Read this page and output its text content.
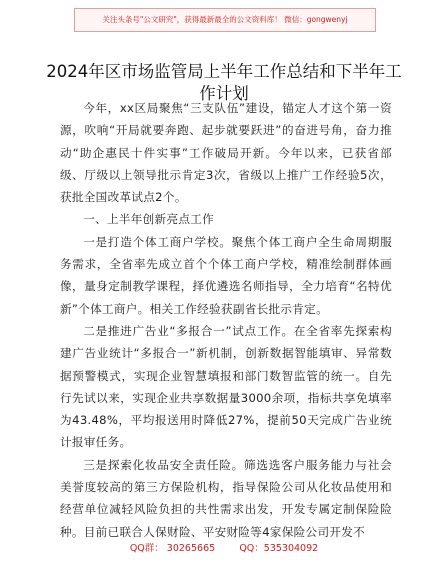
关注头条号"公文研究"，获得最新最全的公文资料库！ 微信：gongwenyj
2024年区市场监管局上半年工作总结和下半年工作计划

今年，xx区局聚焦“三支队伍”建设，锚定人才这个第一资源，吹响“开局就要奔跑、起步就要跃进”的奋进号角，奋力推动“助企惠民十件实事”工作破局开新。今年以来，已获省部级、厅级以上领导批示肯定3次，省级以上推广工作经验5次，获批全国改革试点2个。

一、上半年创新亮点工作

一是打造个体工商户学校。聚焦个体工商户全生命周期服务需求，全省率先成立首个个体工商户学校，精准绘制群体画像，量身定制教学课程，择优遴选名师指导，全力培育“名特优新”个体工商户。相关工作经验获副省长批示肯定。

二是推进广告业“多报合一”试点工作。在全省率先探索构建广告业统计“多报合一”新机制，创新数据智能填审、异常数据预警模式，实现企业智慧填报和部门数智监管的统一。自先行先试以来，实现企业共享数据量3000余项，指标共享免填率为43.48%，平均报送用时降低27%，提前50天完成广告业统计报审任务。

三是探索化妆品安全责任险。筛选选客户服务能力与社会美誉度较高的第三方保险机构，指导保险公司从化妆品使用和经营单位减轻风险负担的共性需求出发，开发专属定制保险险种。目前已联合人保财险、平安财险等4家保险公司开发不

QQ群： 30265665        QQ：535304092
